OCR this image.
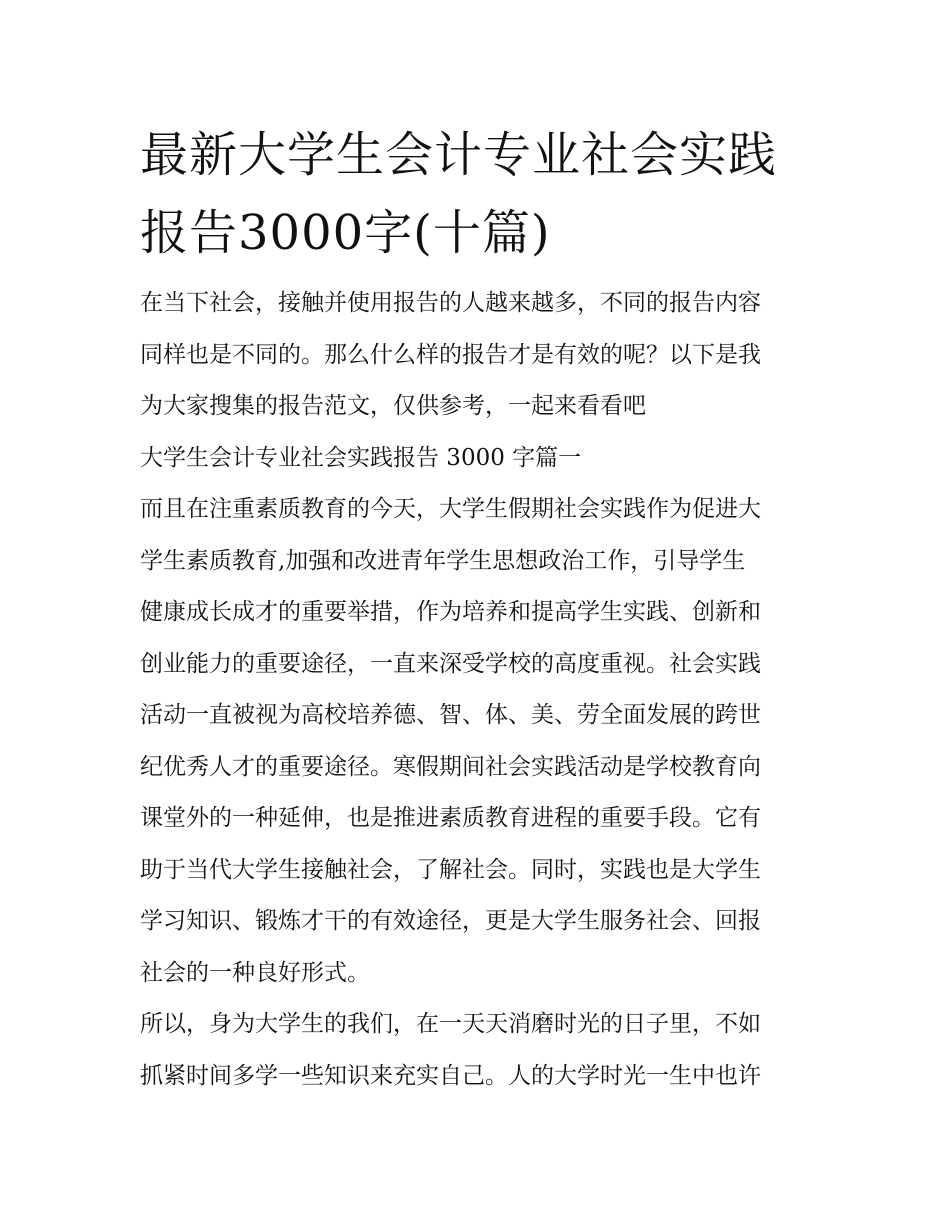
最新大学生会计专业社会实践
报告3000字(十篇)
在当下社会，接触并使用报告的人越来越多，不同的报告内容
同样也是不同的。那么什么样的报告才是有效的呢？以下是我
为大家搜集的报告范文，仅供参考，一起来看看吧
大学生会计专业社会实践报告 3000 字篇一
而且在注重素质教育的今天，大学生假期社会实践作为促进大
学生素质教育,加强和改进青年学生思想政治工作，引导学生
健康成长成才的重要举措，作为培养和提高学生实践、创新和
创业能力的重要途径，一直来深受学校的高度重视。社会实践
活动一直被视为高校培养德、智、体、美、劳全面发展的跨世
纪优秀人才的重要途径。寒假期间社会实践活动是学校教育向
课堂外的一种延伸，也是推进素质教育进程的重要手段。它有
助于当代大学生接触社会，了解社会。同时，实践也是大学生
学习知识、锻炼才干的有效途径，更是大学生服务社会、回报
社会的一种良好形式。
所以，身为大学生的我们，在一天天消磨时光的日子里，不如
抓紧时间多学一些知识来充实自己。人的大学时光一生中也许
